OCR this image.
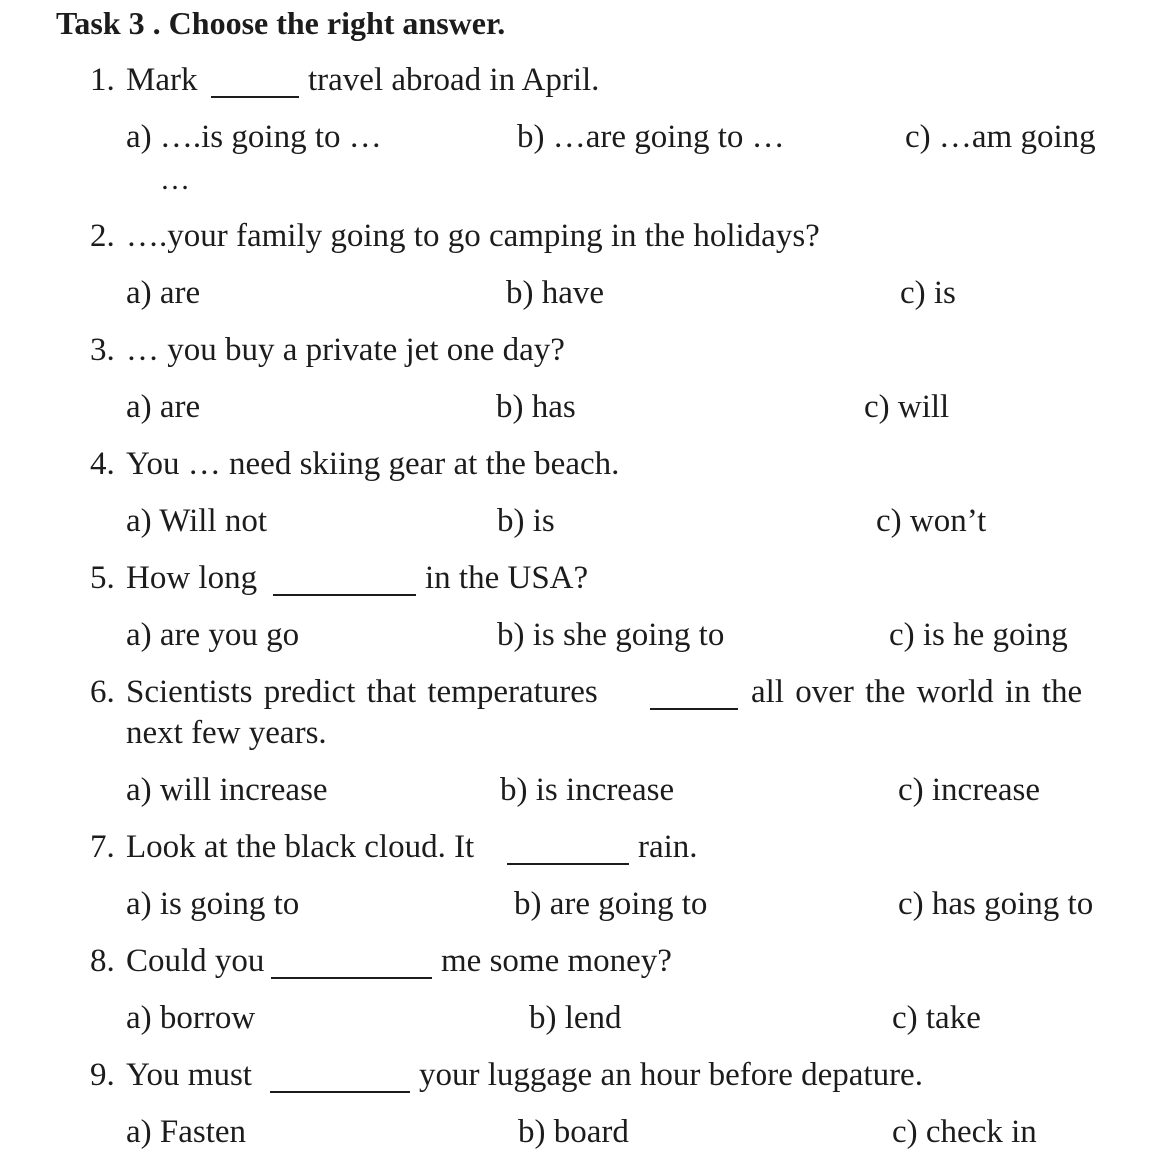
Task 3 . Choose the right answer.
1. Mark	travel abroad in April.
a) ….is going to …	b) …are going to …	c) …am going
…
2. ….your family going to go camping in the holidays?
a) are	b) have	c) is
3. … you buy a private jet one day?
a) are	b) has	c) will
4. You … need skiing gear at the beach.
a) Will not	b) is	c) won’t
5. How long	in the USA?
a) are you go	b) is she going to	c) is he going
6. Scientists predict that temperatures	all over the world in the
next few years.
a) will increase	b) is increase	c) increase
7. Look at the black cloud. It	rain.
a) is going to	b) are going to	c) has going to
8. Could you	me some money?
a) borrow	b) lend	c) take
9. You must	your luggage an hour before depature.
a) Fasten	b) board	c) check in
